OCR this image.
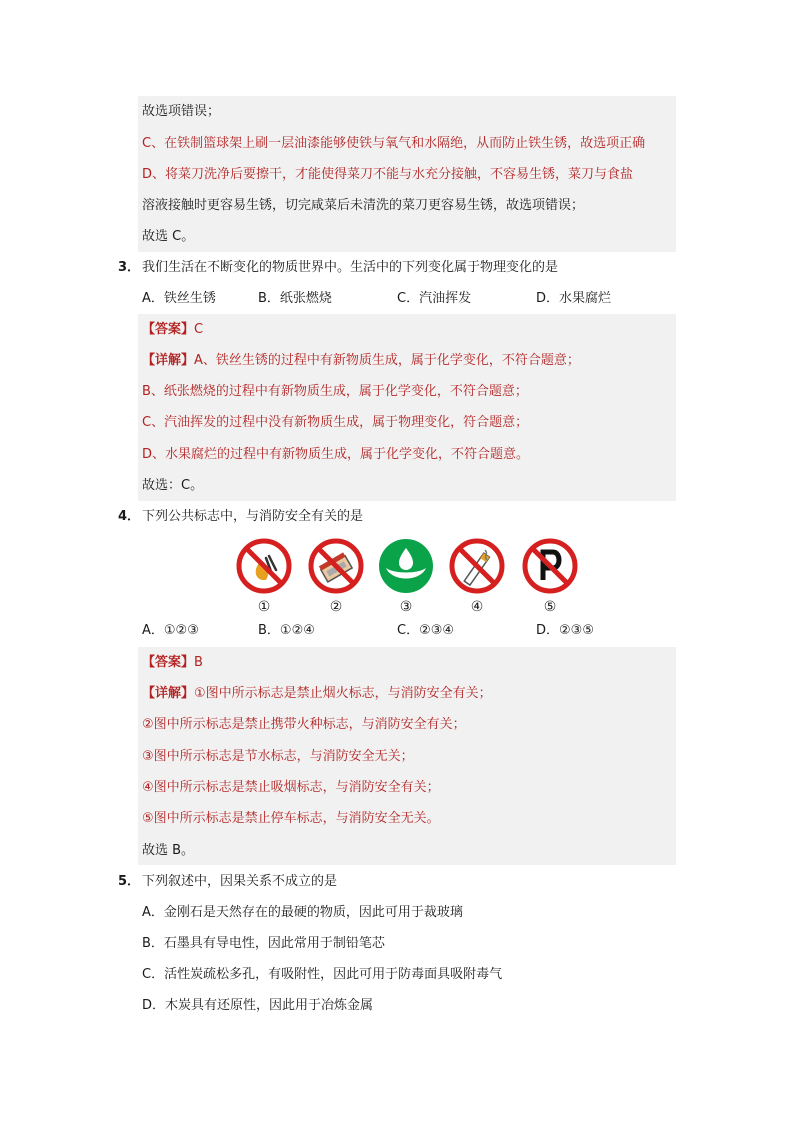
故选项错误；
C、在铁制篮球架上刷一层油漆能够使铁与氧气和水隔绝，从而防止铁生锈，故选项正确
D、将菜刀洗净后要擦干，才能使得菜刀不能与水充分接触，不容易生锈，菜刀与食盐
溶液接触时更容易生锈，切完咸菜后未清洗的菜刀更容易生锈，故选项错误；
故选 C。
3． 我们生活在不断变化的物质世界中。生活中的下列变化属于物理变化的是
A．铁丝生锈	B．纸张燃烧	C．汽油挥发	D．水果腐烂
【答案】C
【详解】A、铁丝生锈的过程中有新物质生成，属于化学变化，不符合题意；
B、纸张燃烧的过程中有新物质生成，属于化学变化，不符合题意；
C、汽油挥发的过程中没有新物质生成，属于物理变化，符合题意；
D、水果腐烂的过程中有新物质生成，属于化学变化，不符合题意。
故选：C。
4． 下列公共标志中，与消防安全有关的是
①	②	③	④	⑤
A．①②③	B．①②④	C．②③④	D．②③⑤
【答案】B
【详解】①图中所示标志是禁止烟火标志，与消防安全有关；
②图中所示标志是禁止携带火种标志，与消防安全有关；
③图中所示标志是节水标志，与消防安全无关；
④图中所示标志是禁止吸烟标志，与消防安全有关；
⑤图中所示标志是禁止停车标志，与消防安全无关。
故选 B。
5． 下列叙述中，因果关系不成立的是
A．金刚石是天然存在的最硬的物质，因此可用于裁玻璃
B．石墨具有导电性，因此常用于制铅笔芯
C．活性炭疏松多孔，有吸附性，因此可用于防毒面具吸附毒气
D．木炭具有还原性，因此用于冶炼金属
